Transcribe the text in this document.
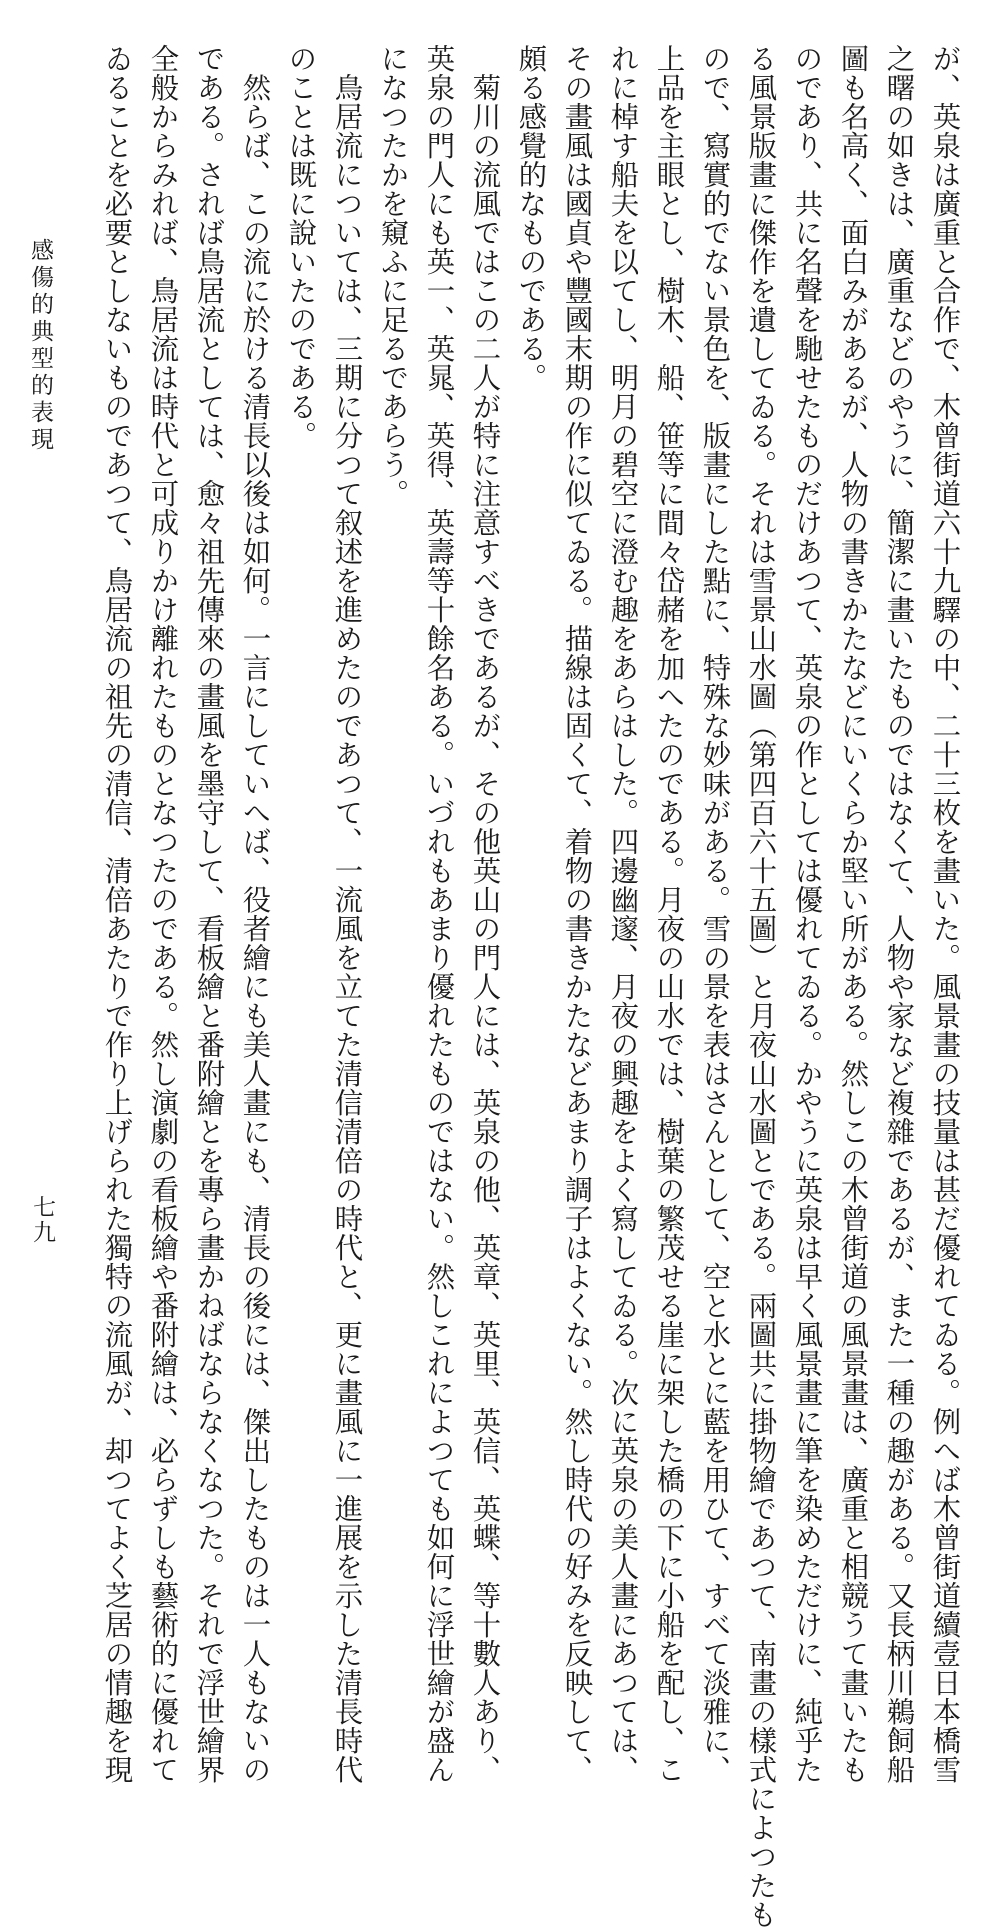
感傷的典型的表現
七九	が、英泉は廣重と合作で、木曾街道六十九驛の中、二十三枚を畫いた。風景畫の技量は甚だ優れてゐる。例へば木曾街道續壹日本橋雪
之曙の如きは、廣重などのやうに、簡潔に畫いたものではなくて、人物や家など複雜であるが、また一種の趣がある。又長柄川鵜飼船
圖も名高く、面白みがあるが、人物の書きかたなどにいくらか堅い所がある。然しこの木曾街道の風景畫は、廣重と相競うて畫いたも
のであり、共に名聲を馳せたものだけあつて、英泉の作としては優れてゐる。かやうに英泉は早く風景畫に筆を染めただけに、純乎た
る風景版畫に傑作を遺してゐる。それは雪景山水圖（第四百六十五圖）と月夜山水圖とである。兩圖共に掛物繪であつて、南畫の樣式によつたも
ので、寫實的でない景色を、版畫にした點に、特殊な妙味がある。雪の景を表はさんとして、空と水とに藍を用ひて、すべて淡雅に、
上品を主眼とし、樹木、船、笹等に間々岱赭を加へたのである。月夜の山水では、樹葉の繁茂せる崖に架した橋の下に小船を配し、こ
れに棹す船夫を以てし、明月の碧空に澄む趣をあらはした。四邊幽邃、月夜の興趣をよく寫してゐる。次に英泉の美人畫にあつては、
その畫風は國貞や豐國末期の作に似てゐる。描線は固くて、着物の書きかたなどあまり調子はよくない。然し時代の好みを反映して、
頗る感覺的なものである。
菊川の流風ではこの二人が特に注意すべきであるが、その他英山の門人には、英泉の他、英章、英里、英信、英蝶、等十數人あり、
英泉の門人にも英一、英晁、英得、英壽等十餘名ある。いづれもあまり優れたものではない。然しこれによつても如何に浮世繪が盛ん
になつたかを窺ふに足るであらう。
鳥居流については、三期に分つて叙述を進めたのであつて、一流風を立てた清信清倍の時代と、更に畫風に一進展を示した清長時代
のことは既に說いたのである。
然らば、この流に於ける清長以後は如何。一言にしていへば、役者繪にも美人畫にも、清長の後には、傑出したものは一人もないの
である。されば鳥居流としては、愈々祖先傳來の畫風を墨守して、看板繪と番附繪とを專ら畫かねばならなくなつた。それで浮世繪界
全般からみれば、鳥居流は時代と可成りかけ離れたものとなつたのである。然し演劇の看板繪や番附繪は、必らずしも藝術的に優れて
ゐることを必要としないものであつて、鳥居流の祖先の清信、清倍あたりで作り上げられた獨特の流風が、却つてよく芝居の情趣を現
